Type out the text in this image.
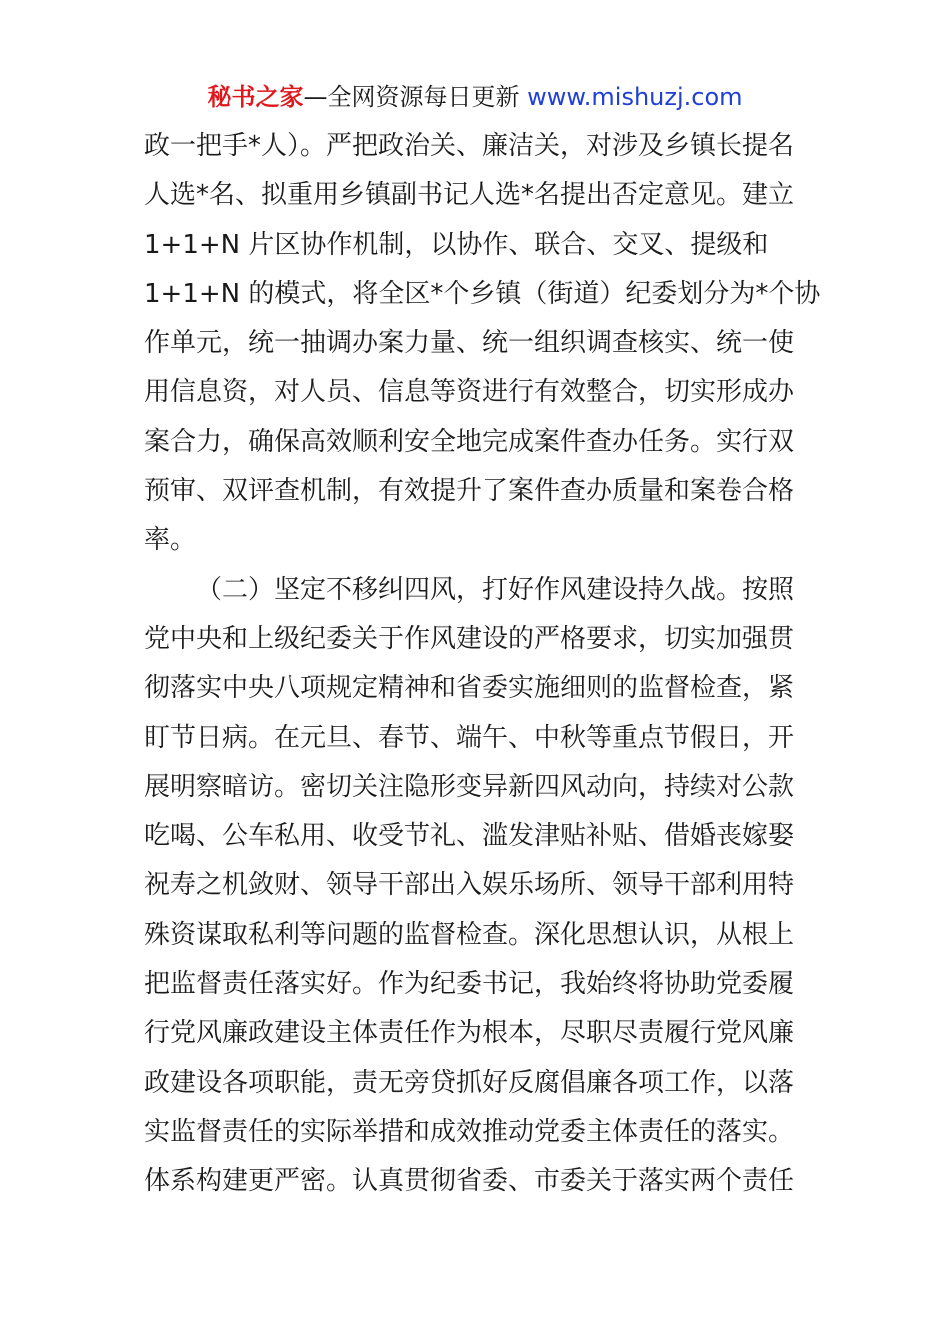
秘书之家—全网资源每日更新 www.mishuzj.com
政一把手*人）。严把政治关、廉洁关，对涉及乡镇长提名
人选*名、拟重用乡镇副书记人选*名提出否定意见。建立
1+1+N 片区协作机制，以协作、联合、交叉、提级和
1+1+N 的模式，将全区*个乡镇（街道）纪委划分为*个协
作单元，统一抽调办案力量、统一组织调查核实、统一使
用信息资，对人员、信息等资进行有效整合，切实形成办
案合力，确保高效顺利安全地完成案件查办任务。实行双
预审、双评查机制，有效提升了案件查办质量和案卷合格
率。
（二）坚定不移纠四风，打好作风建设持久战。按照
党中央和上级纪委关于作风建设的严格要求，切实加强贯
彻落实中央八项规定精神和省委实施细则的监督检查，紧
盯节日病。在元旦、春节、端午、中秋等重点节假日，开
展明察暗访。密切关注隐形变异新四风动向，持续对公款
吃喝、公车私用、收受节礼、滥发津贴补贴、借婚丧嫁娶
祝寿之机敛财、领导干部出入娱乐场所、领导干部利用特
殊资谋取私利等问题的监督检查。深化思想认识，从根上
把监督责任落实好。作为纪委书记，我始终将协助党委履
行党风廉政建设主体责任作为根本，尽职尽责履行党风廉
政建设各项职能，责无旁贷抓好反腐倡廉各项工作，以落
实监督责任的实际举措和成效推动党委主体责任的落实。
体系构建更严密。认真贯彻省委、市委关于落实两个责任
